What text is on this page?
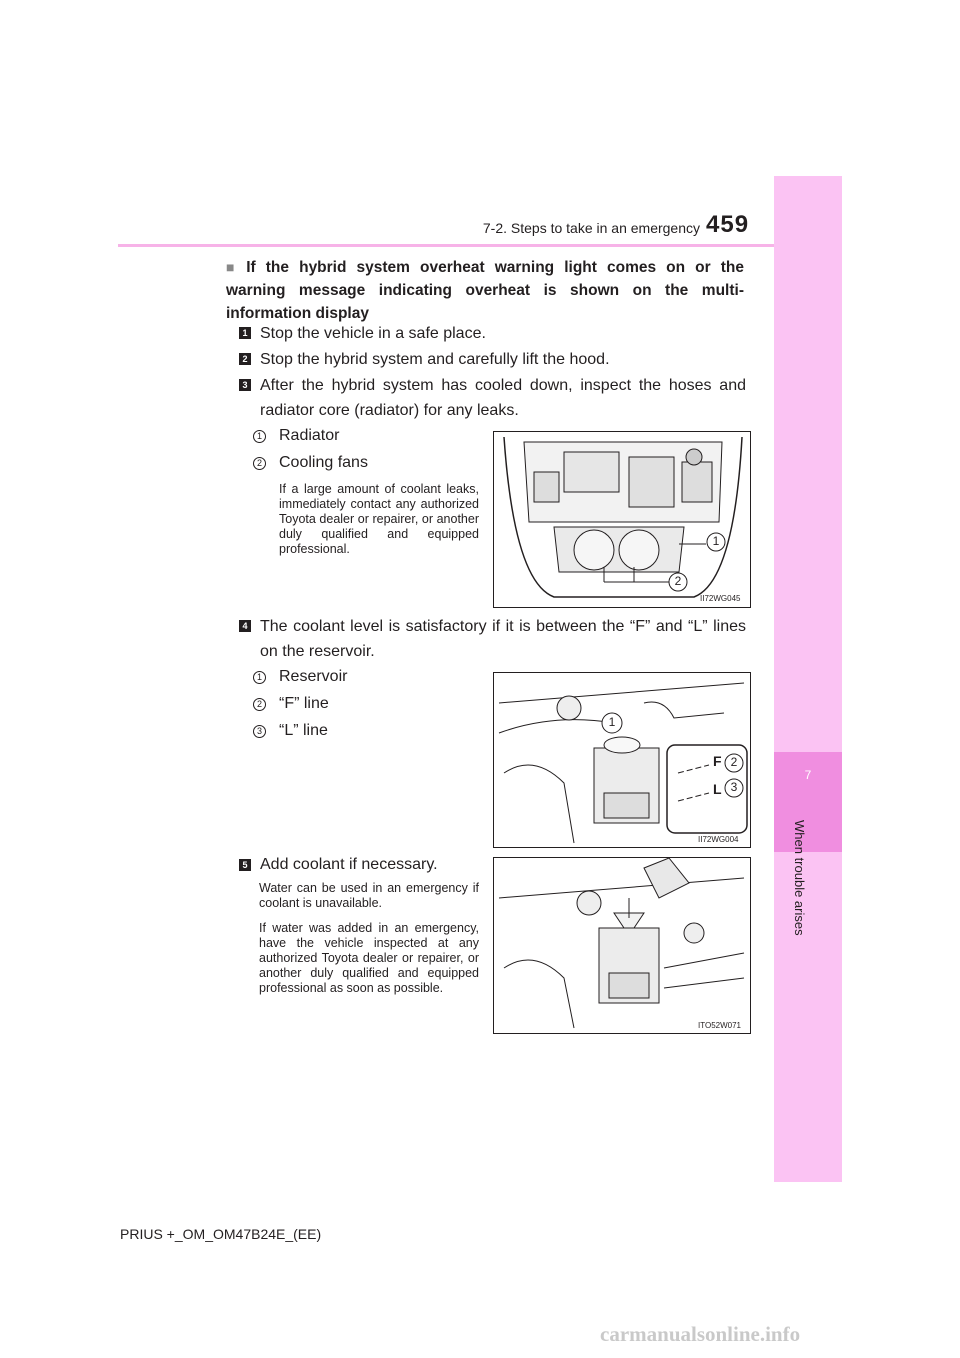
7-2. Steps to take in an emergency 459
7
When trouble arises
■ If the hybrid system overheat warning light comes on or the warning message indicating overheat is shown on the multi-information display
1 Stop the vehicle in a safe place.
2 Stop the hybrid system and carefully lift the hood.
3 After the hybrid system has cooled down, inspect the hoses and radiator core (radiator) for any leaks.
1 Radiator
2 Cooling fans
If a large amount of coolant leaks, immediately contact any authorized Toyota dealer or repairer, or another duly qualified and equipped professional.
1
2
II72WG045
4 The coolant level is satisfactory if it is between the “F” and “L” lines on the reservoir.
1 Reservoir
2 “F” line
3 “L” line	1
2
3
F
L
II72WG004
5 Add coolant if necessary.
Water can be used in an emergency if coolant is unavailable.
If water was added in an emergency, have the vehicle inspected at any authorized Toyota dealer or repairer, or another duly qualified and equipped professional as soon as possible.
ITO52W071
PRIUS +_OM_OM47B24E_(EE)
carmanualsonline.info
